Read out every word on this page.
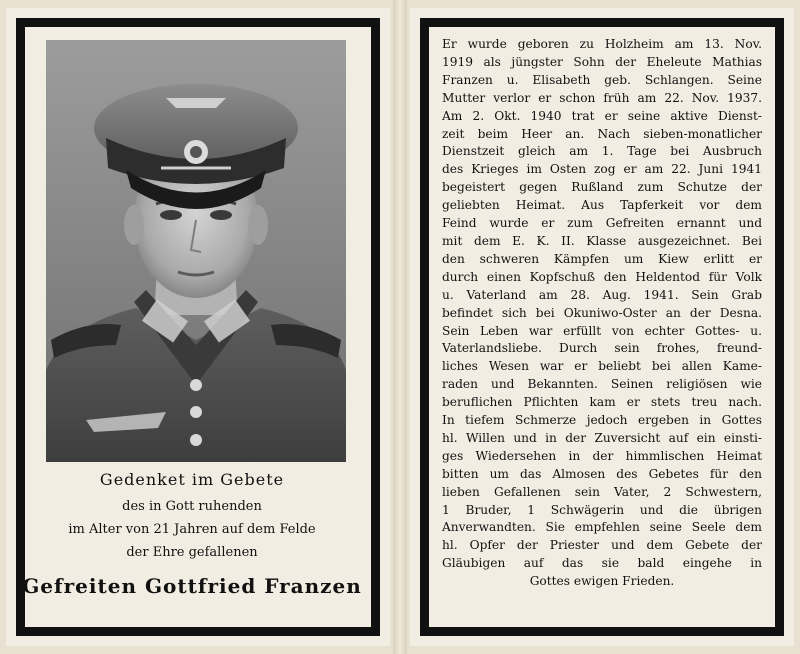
Gedenket im Gebete
des in Gott ruhenden
im Alter von 21 Jahren auf dem Felde
der Ehre gefallenen
Gefreiten Gottfried Franzen
Er wurde geboren zu Holzheim am 13. Nov.
1919 als jüngster Sohn der Eheleute Mathias
Franzen u. Elisabeth geb. Schlangen. Seine
Mutter verlor er schon früh am 22. Nov. 1937.
Am 2. Okt. 1940 trat er seine aktive Dienst-
zeit beim Heer an. Nach sieben-monatlicher
Dienstzeit gleich am 1. Tage bei Ausbruch
des Krieges im Osten zog er am 22. Juni 1941
begeistert gegen Rußland zum Schutze der
geliebten Heimat. Aus Tapferkeit vor dem
Feind wurde er zum Gefreiten ernannt und
mit dem E. K. II. Klasse ausgezeichnet. Bei
den schweren Kämpfen um Kiew erlitt er
durch einen Kopfschuß den Heldentod für Volk
u. Vaterland am 28. Aug. 1941. Sein Grab
befindet sich bei Okuniwo-Oster an der Desna.
Sein Leben war erfüllt von echter Gottes- u.
Vaterlandsliebe. Durch sein frohes, freund-
liches Wesen war er beliebt bei allen Kame-
raden und Bekannten. Seinen religiösen wie
beruflichen Pflichten kam er stets treu nach.
In tiefem Schmerze jedoch ergeben in Gottes
hl. Willen und in der Zuversicht auf ein einsti-
ges Wiedersehen in der himmlischen Heimat
bitten um das Almosen des Gebetes für den
lieben Gefallenen sein Vater, 2 Schwestern,
1 Bruder, 1 Schwägerin und die übrigen
Anverwandten. Sie empfehlen seine Seele dem
hl. Opfer der Priester und dem Gebete der
Gläubigen auf das sie bald eingehe in
Gottes ewigen Frieden.
